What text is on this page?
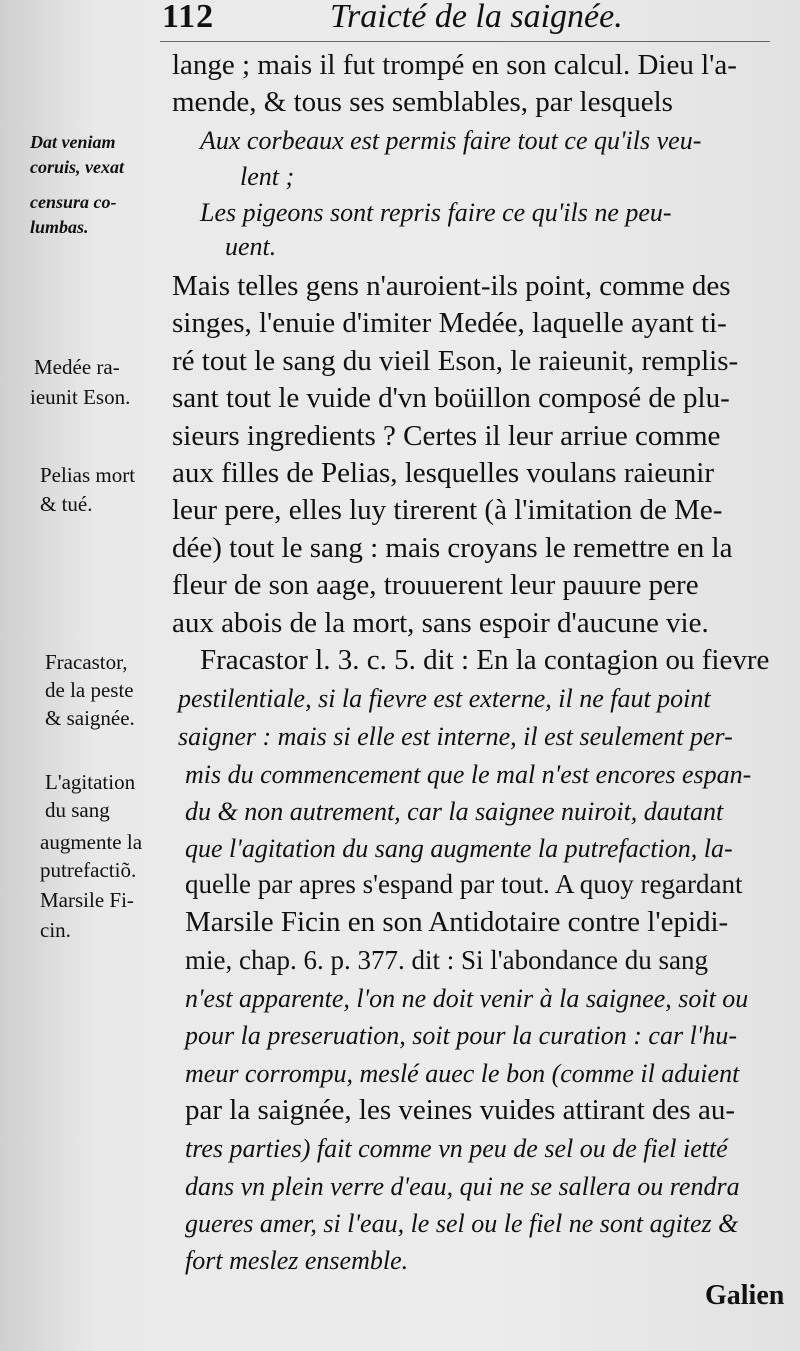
112	Traicté de la saignée.
lange ; mais il fut trompé en son calcul. Dieu l'a-
mende, & tous ses semblables, par lesquels
Aux corbeaux est permis faire tout ce qu'ils veu-
lent ;
Les pigeons sont repris faire ce qu'ils ne peu-
uent.
Mais telles gens n'auroient-ils point, comme des
singes, l'enuie d'imiter Medée, laquelle ayant ti-
ré tout le sang du vieil Eson, le raieunit, remplis-
sant tout le vuide d'vn boüillon composé de plu-
sieurs ingredients ? Certes il leur arriue comme
aux filles de Pelias, lesquelles voulans raieunir
leur pere, elles luy tirerent (à l'imitation de Me-
dée) tout le sang : mais croyans le remettre en la
fleur de son aage, trouuerent leur pauure pere
aux abois de la mort, sans espoir d'aucune vie.
Fracastor l. 3. c. 5. dit : En la contagion ou fievre
pestilentiale, si la fievre est externe, il ne faut point
saigner : mais si elle est interne, il est seulement per-
mis du commencement que le mal n'est encores espan-
du & non autrement, car la saignee nuiroit, dautant
que l'agitation du sang augmente la putrefaction, la-
quelle par apres s'espand par tout. A quoy regardant
Marsile Ficin en son Antidotaire contre l'epidi-
mie, chap. 6. p. 377. dit : Si l'abondance du sang
n'est apparente, l'on ne doit venir à la saignee, soit ou
pour la preseruation, soit pour la curation : car l'hu-
meur corrompu, meslé auec le bon (comme il aduient
par la saignée, les veines vuides attirant des au-
tres parties) fait comme vn peu de sel ou de fiel ietté
dans vn plein verre d'eau, qui ne se sallera ou rendra
gueres amer, si l'eau, le sel ou le fiel ne sont agitez &
fort meslez ensemble.
Dat veniam
coruis, vexat
censura co-
lumbas.
Medée ra-
ieunit Eson.
Pelias mort
& tué.
Fracastor,
de la peste
& saignée.
L'agitation
du sang
augmente la
putrefactiõ.
Marsile Fi-
cin.
Galien
